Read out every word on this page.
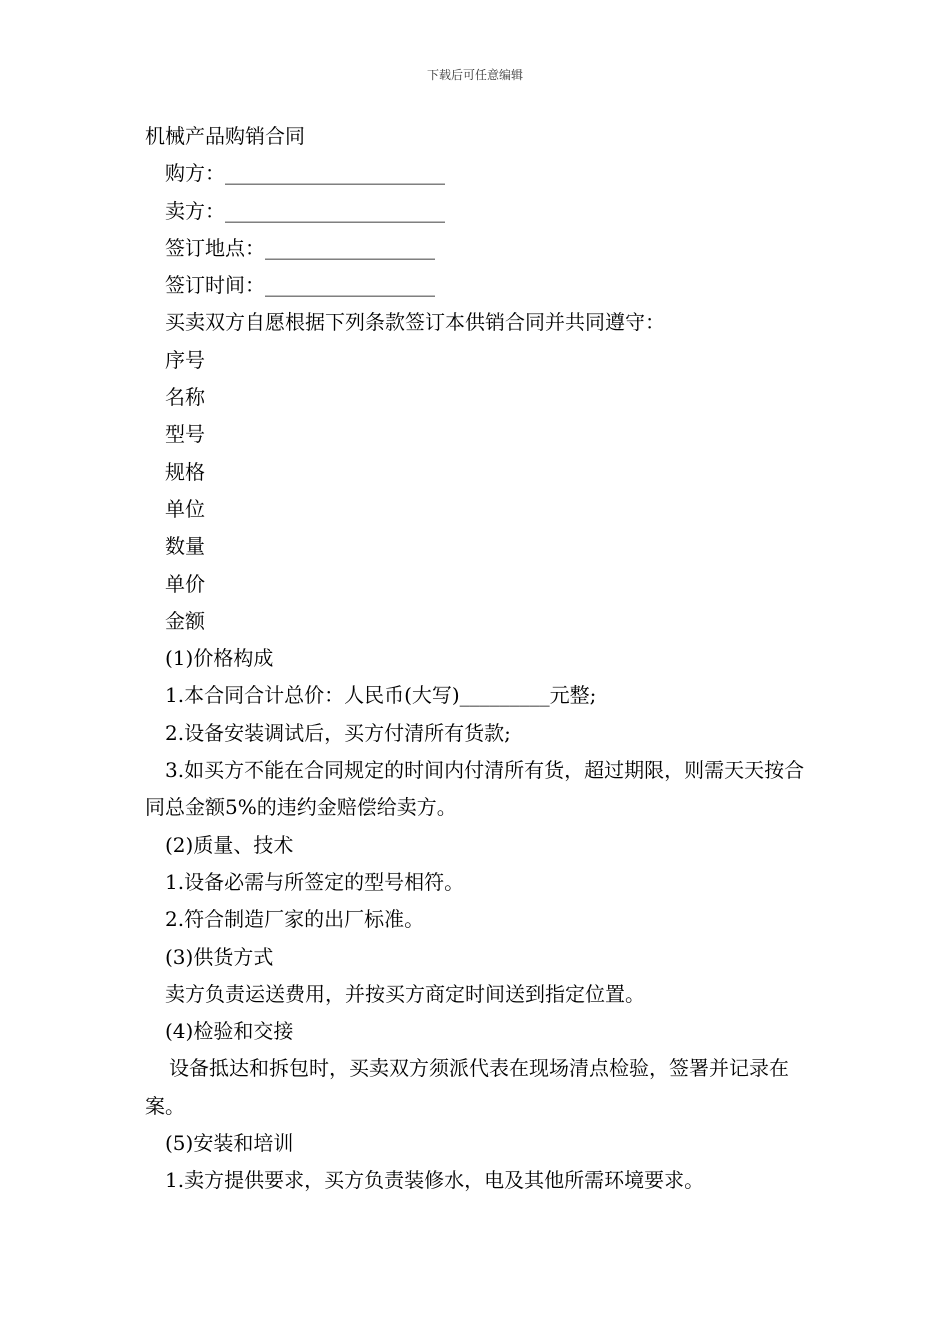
下载后可任意编辑

机械产品购销合同

购方：______________________

卖方：______________________

签订地点：_________________

签订时间：_________________

买卖双方自愿根据下列条款签订本供销合同并共同遵守：

序号

名称

型号

规格

单位

数量

单价

金额

(1)价格构成

1.本合同合计总价：人民币(大写)_________元整;

2.设备安装调试后，买方付清所有货款;

3.如买方不能在合同规定的时间内付清所有货，超过期限，则需天天按合同总金额5%的违约金赔偿给卖方。

(2)质量、技术

1.设备必需与所签定的型号相符。

2.符合制造厂家的出厂标准。

(3)供货方式

卖方负责运送费用，并按买方商定时间送到指定位置。

(4)检验和交接

设备抵达和拆包时，买卖双方须派代表在现场清点检验，签署并记录在案。

(5)安装和培训

1.卖方提供要求，买方负责装修水，电及其他所需环境要求。
